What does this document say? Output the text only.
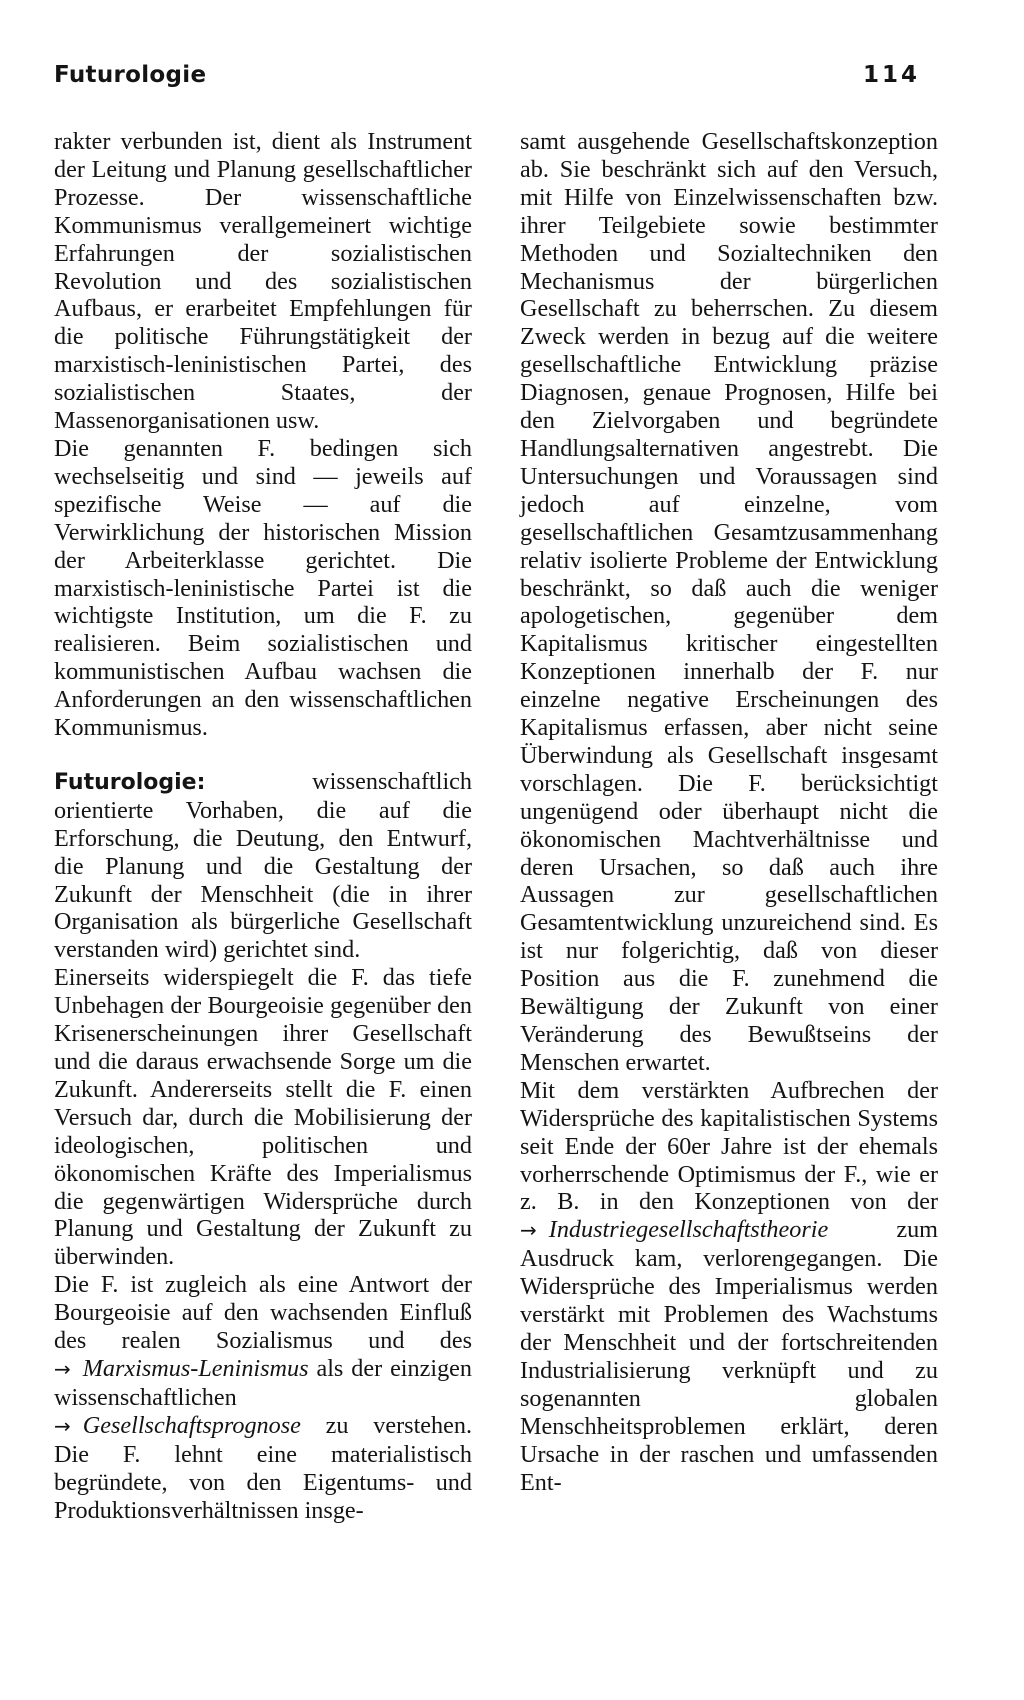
Futurologie	114

rakter verbunden ist, dient als Instrument der Leitung und Planung gesellschaftlicher Prozesse. Der wissenschaftliche Kommunismus verallgemeinert wichtige Erfahrungen der sozialistischen Revolution und des sozialistischen Aufbaus, er erarbeitet Empfehlungen für die politische Führungstätigkeit der marxistisch-leninistischen Partei, des sozialistischen Staates, der Massenorganisationen usw.

Die genannten F. bedingen sich wechselseitig und sind — jeweils auf spezifische Weise — auf die Verwirklichung der historischen Mission der Arbeiterklasse gerichtet. Die marxistisch-leninistische Partei ist die wichtigste Institution, um die F. zu realisieren. Beim sozialistischen und kommunistischen Aufbau wachsen die Anforderungen an den wissenschaftlichen Kommunismus.

Futurologie:	wissenschaftlich orientierte Vorhaben, die auf die Erforschung, die Deutung, den Entwurf, die Planung und die Gestaltung der Zukunft der Menschheit (die in ihrer Organisation als bürgerliche Gesellschaft verstanden wird) gerichtet sind.

Einerseits widerspiegelt die F. das tiefe Unbehagen der Bourgeoisie gegenüber den Krisenerscheinungen ihrer Gesellschaft und die daraus erwachsende Sorge um die Zukunft. Andererseits stellt die F. einen Versuch dar, durch die Mobilisierung der ideologischen, politischen und ökonomischen Kräfte des Imperialismus die gegenwärtigen Widersprüche durch Planung und Gestaltung der Zukunft zu überwinden.

Die F. ist zugleich als eine Antwort der Bourgeoisie auf den wachsenden Einfluß des realen Sozialismus und des → Marxismus-Leninismus als der einzigen wissenschaftlichen → Gesellschaftsprognose zu verstehen. Die F. lehnt eine materialistisch begründete, von den Eigentums- und Produktionsverhältnissen insge-

samt ausgehende Gesellschaftskonzeption ab. Sie beschränkt sich auf den Versuch, mit Hilfe von Einzelwissenschaften bzw. ihrer Teilgebiete sowie bestimmter Methoden und Sozialtechniken den Mechanismus der bürgerlichen Gesellschaft zu beherrschen. Zu diesem Zweck werden in bezug auf die weitere gesellschaftliche Entwicklung präzise Diagnosen, genaue Prognosen, Hilfe bei den Zielvorgaben und begründete Handlungsalternativen angestrebt. Die Untersuchungen und Voraussagen sind jedoch auf einzelne, vom gesellschaftlichen Gesamtzusammenhang relativ isolierte Probleme der Entwicklung beschränkt, so daß auch die weniger apologetischen, gegenüber dem Kapitalismus kritischer eingestellten Konzeptionen innerhalb der F. nur einzelne negative Erscheinungen des Kapitalismus erfassen, aber nicht seine Überwindung als Gesellschaft insgesamt vorschlagen. Die F. berücksichtigt ungenügend oder überhaupt nicht die ökonomischen Machtverhältnisse und deren Ursachen, so daß auch ihre Aussagen zur gesellschaftlichen Gesamtentwicklung unzureichend sind. Es ist nur folgerichtig, daß von dieser Position aus die F. zunehmend die Bewältigung der Zukunft von einer Veränderung des Bewußtseins der Menschen erwartet.

Mit dem verstärkten Aufbrechen der Widersprüche des kapitalistischen Systems seit Ende der 60er Jahre ist der ehemals vorherrschende Optimismus der F., wie er z. B. in den Konzeptionen von der → Industriegesellschaftstheorie	zum Ausdruck kam, verlorengegangen. Die Widersprüche des Imperialismus werden verstärkt mit Problemen des Wachstums der Menschheit und der fortschreitenden Industrialisierung verknüpft und zu sogenannten globalen Menschheitsproblemen erklärt, deren Ursache in der raschen und umfassenden Ent-
